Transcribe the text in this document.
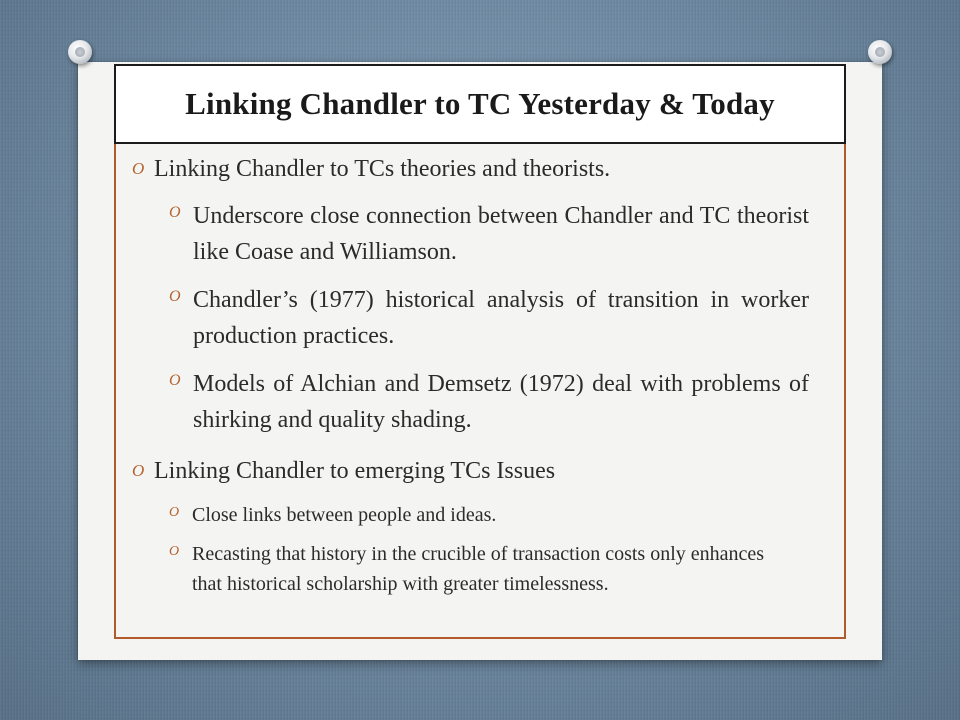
Linking Chandler to TC Yesterday & Today
O Linking Chandler to TCs theories and theorists.
O Underscore close connection between Chandler and TC theorist like Coase and Williamson.
O Chandler’s (1977) historical analysis of transition in worker production practices.
O Models of Alchian and Demsetz (1972) deal with problems of shirking and quality shading.
O Linking Chandler to emerging TCs Issues
O Close links between people and ideas.
O Recasting that history in the crucible of transaction costs only enhances that historical scholarship with greater timelessness.
